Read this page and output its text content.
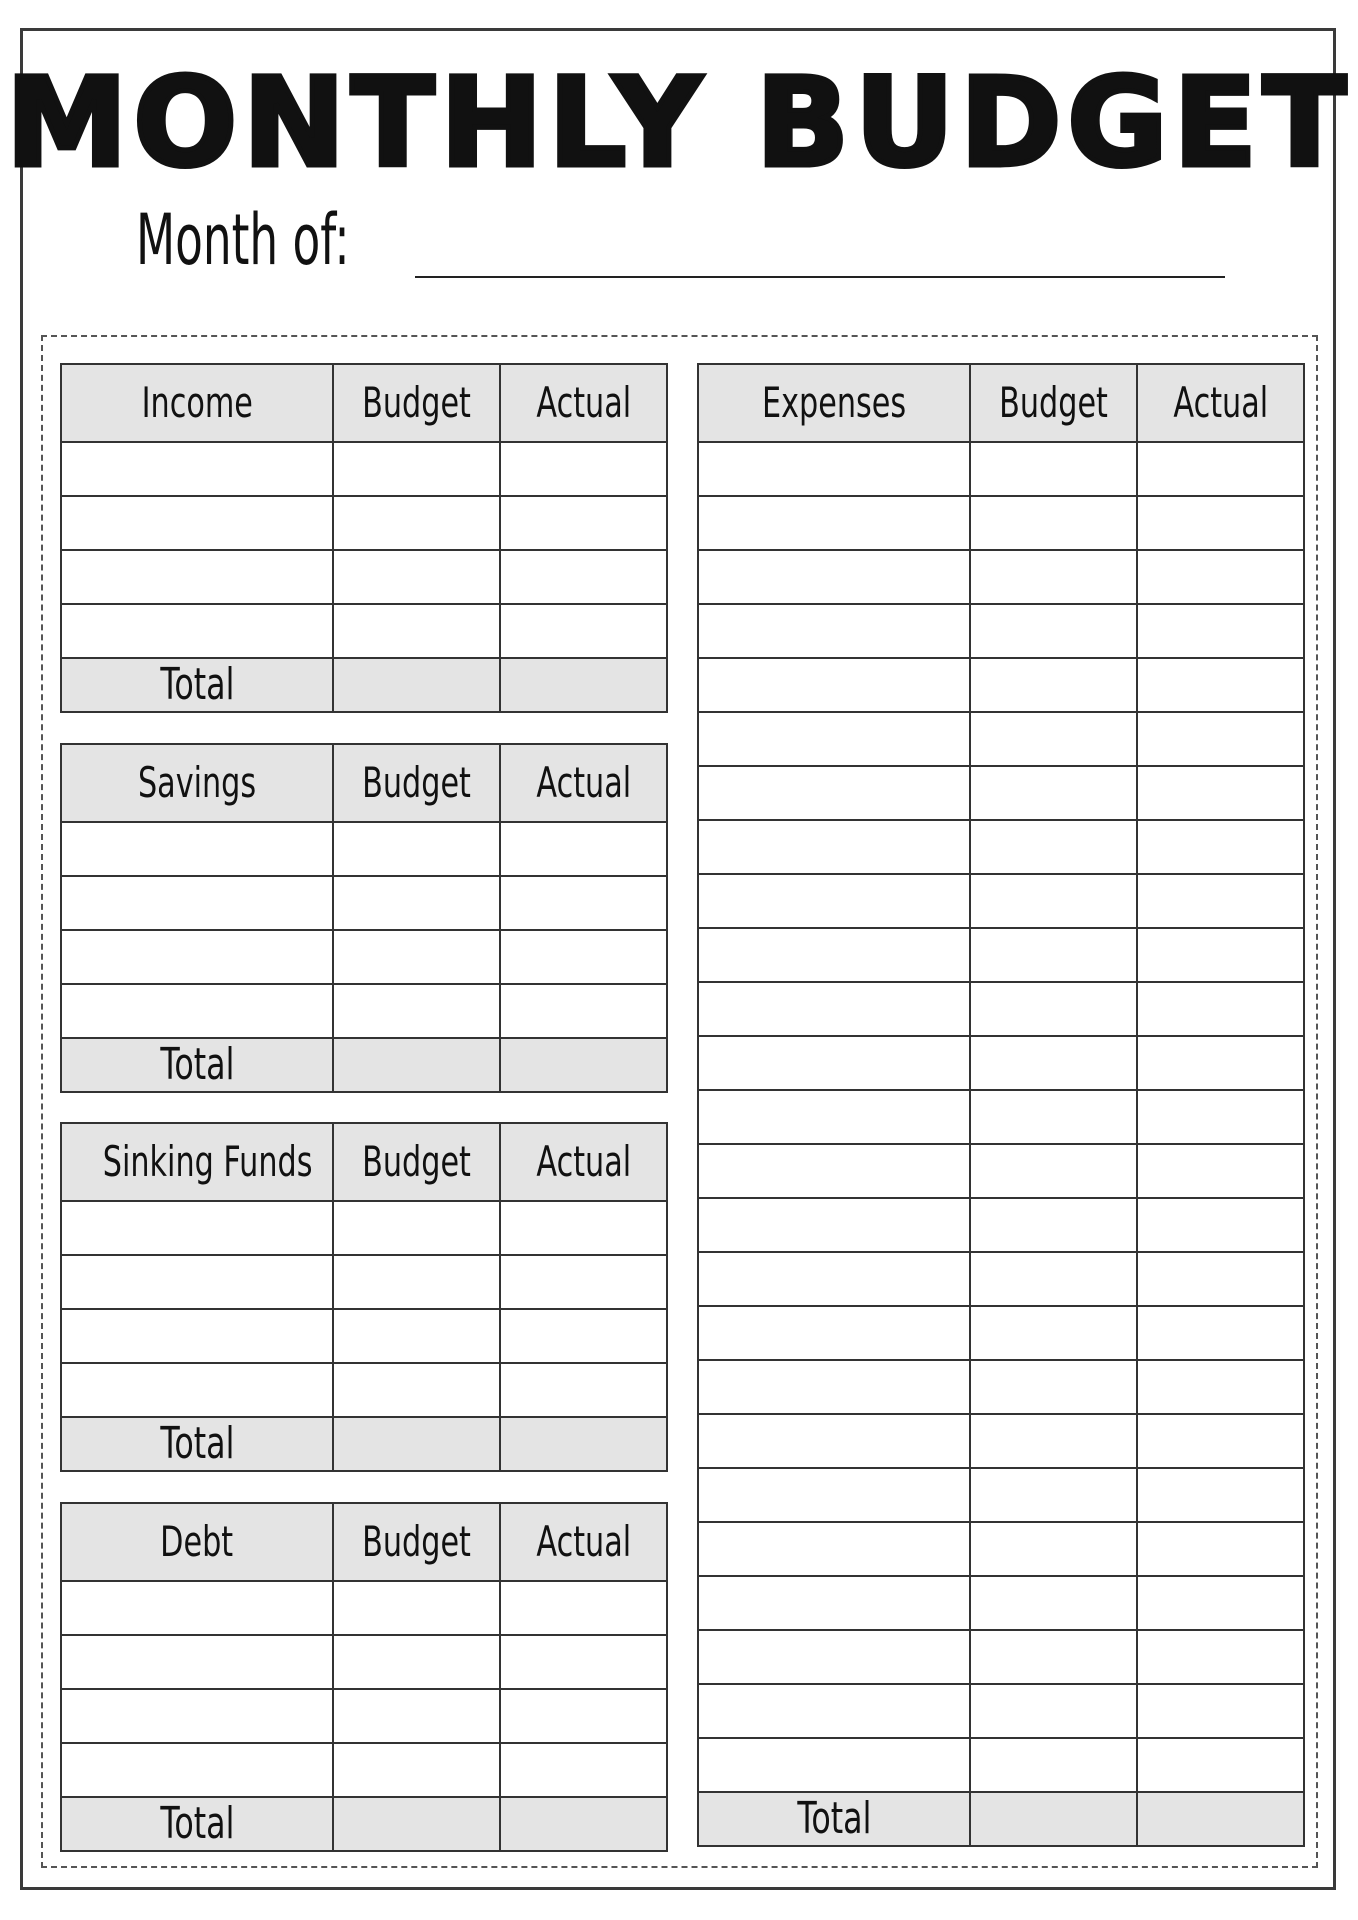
MONTHLY BUDGET
Month of:
Income	Budget	Actual

Total		
Savings	Budget	Actual

Total		
Sinking Funds	Budget	Actual

Total		
Debt	Budget	Actual

Total		
Expenses	Budget	Actual

Total		
